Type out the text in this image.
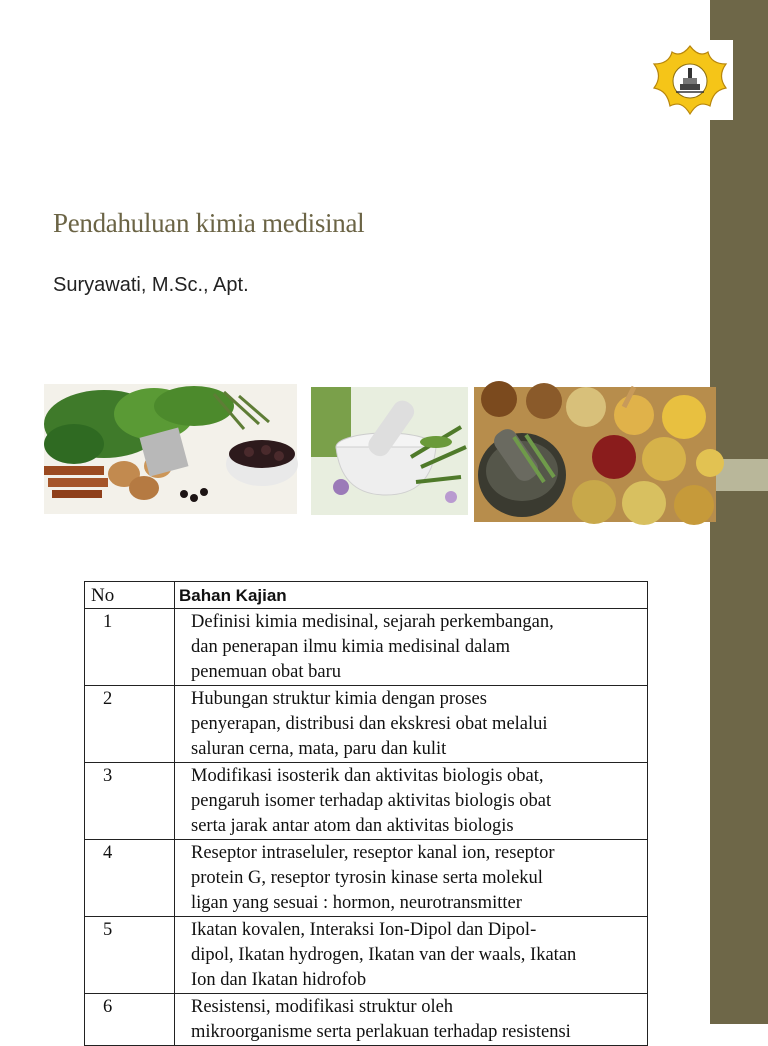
Pendahuluan kimia medisinal
Suryawati, M.Sc., Apt.
No	Bahan Kajian
1	Definisi kimia medisinal, sejarah perkembangan,
dan penerapan ilmu kimia medisinal dalam
penemuan obat baru

2	Hubungan struktur kimia dengan proses
penyerapan, distribusi dan ekskresi obat melalui
saluran cerna, mata, paru dan kulit

3	Modifikasi isosterik dan aktivitas biologis obat,
pengaruh isomer terhadap aktivitas biologis obat
serta jarak antar atom dan aktivitas biologis

4	Reseptor intraseluler, reseptor kanal ion, reseptor
protein G, reseptor tyrosin kinase serta molekul
ligan yang sesuai : hormon, neurotransmitter

5	Ikatan kovalen, Interaksi Ion-Dipol dan Dipol-
dipol, Ikatan hydrogen, Ikatan van der waals, Ikatan
Ion dan Ikatan hidrofob

6	Resistensi, modifikasi struktur oleh
mikroorganisme serta perlakuan terhadap resistensi
